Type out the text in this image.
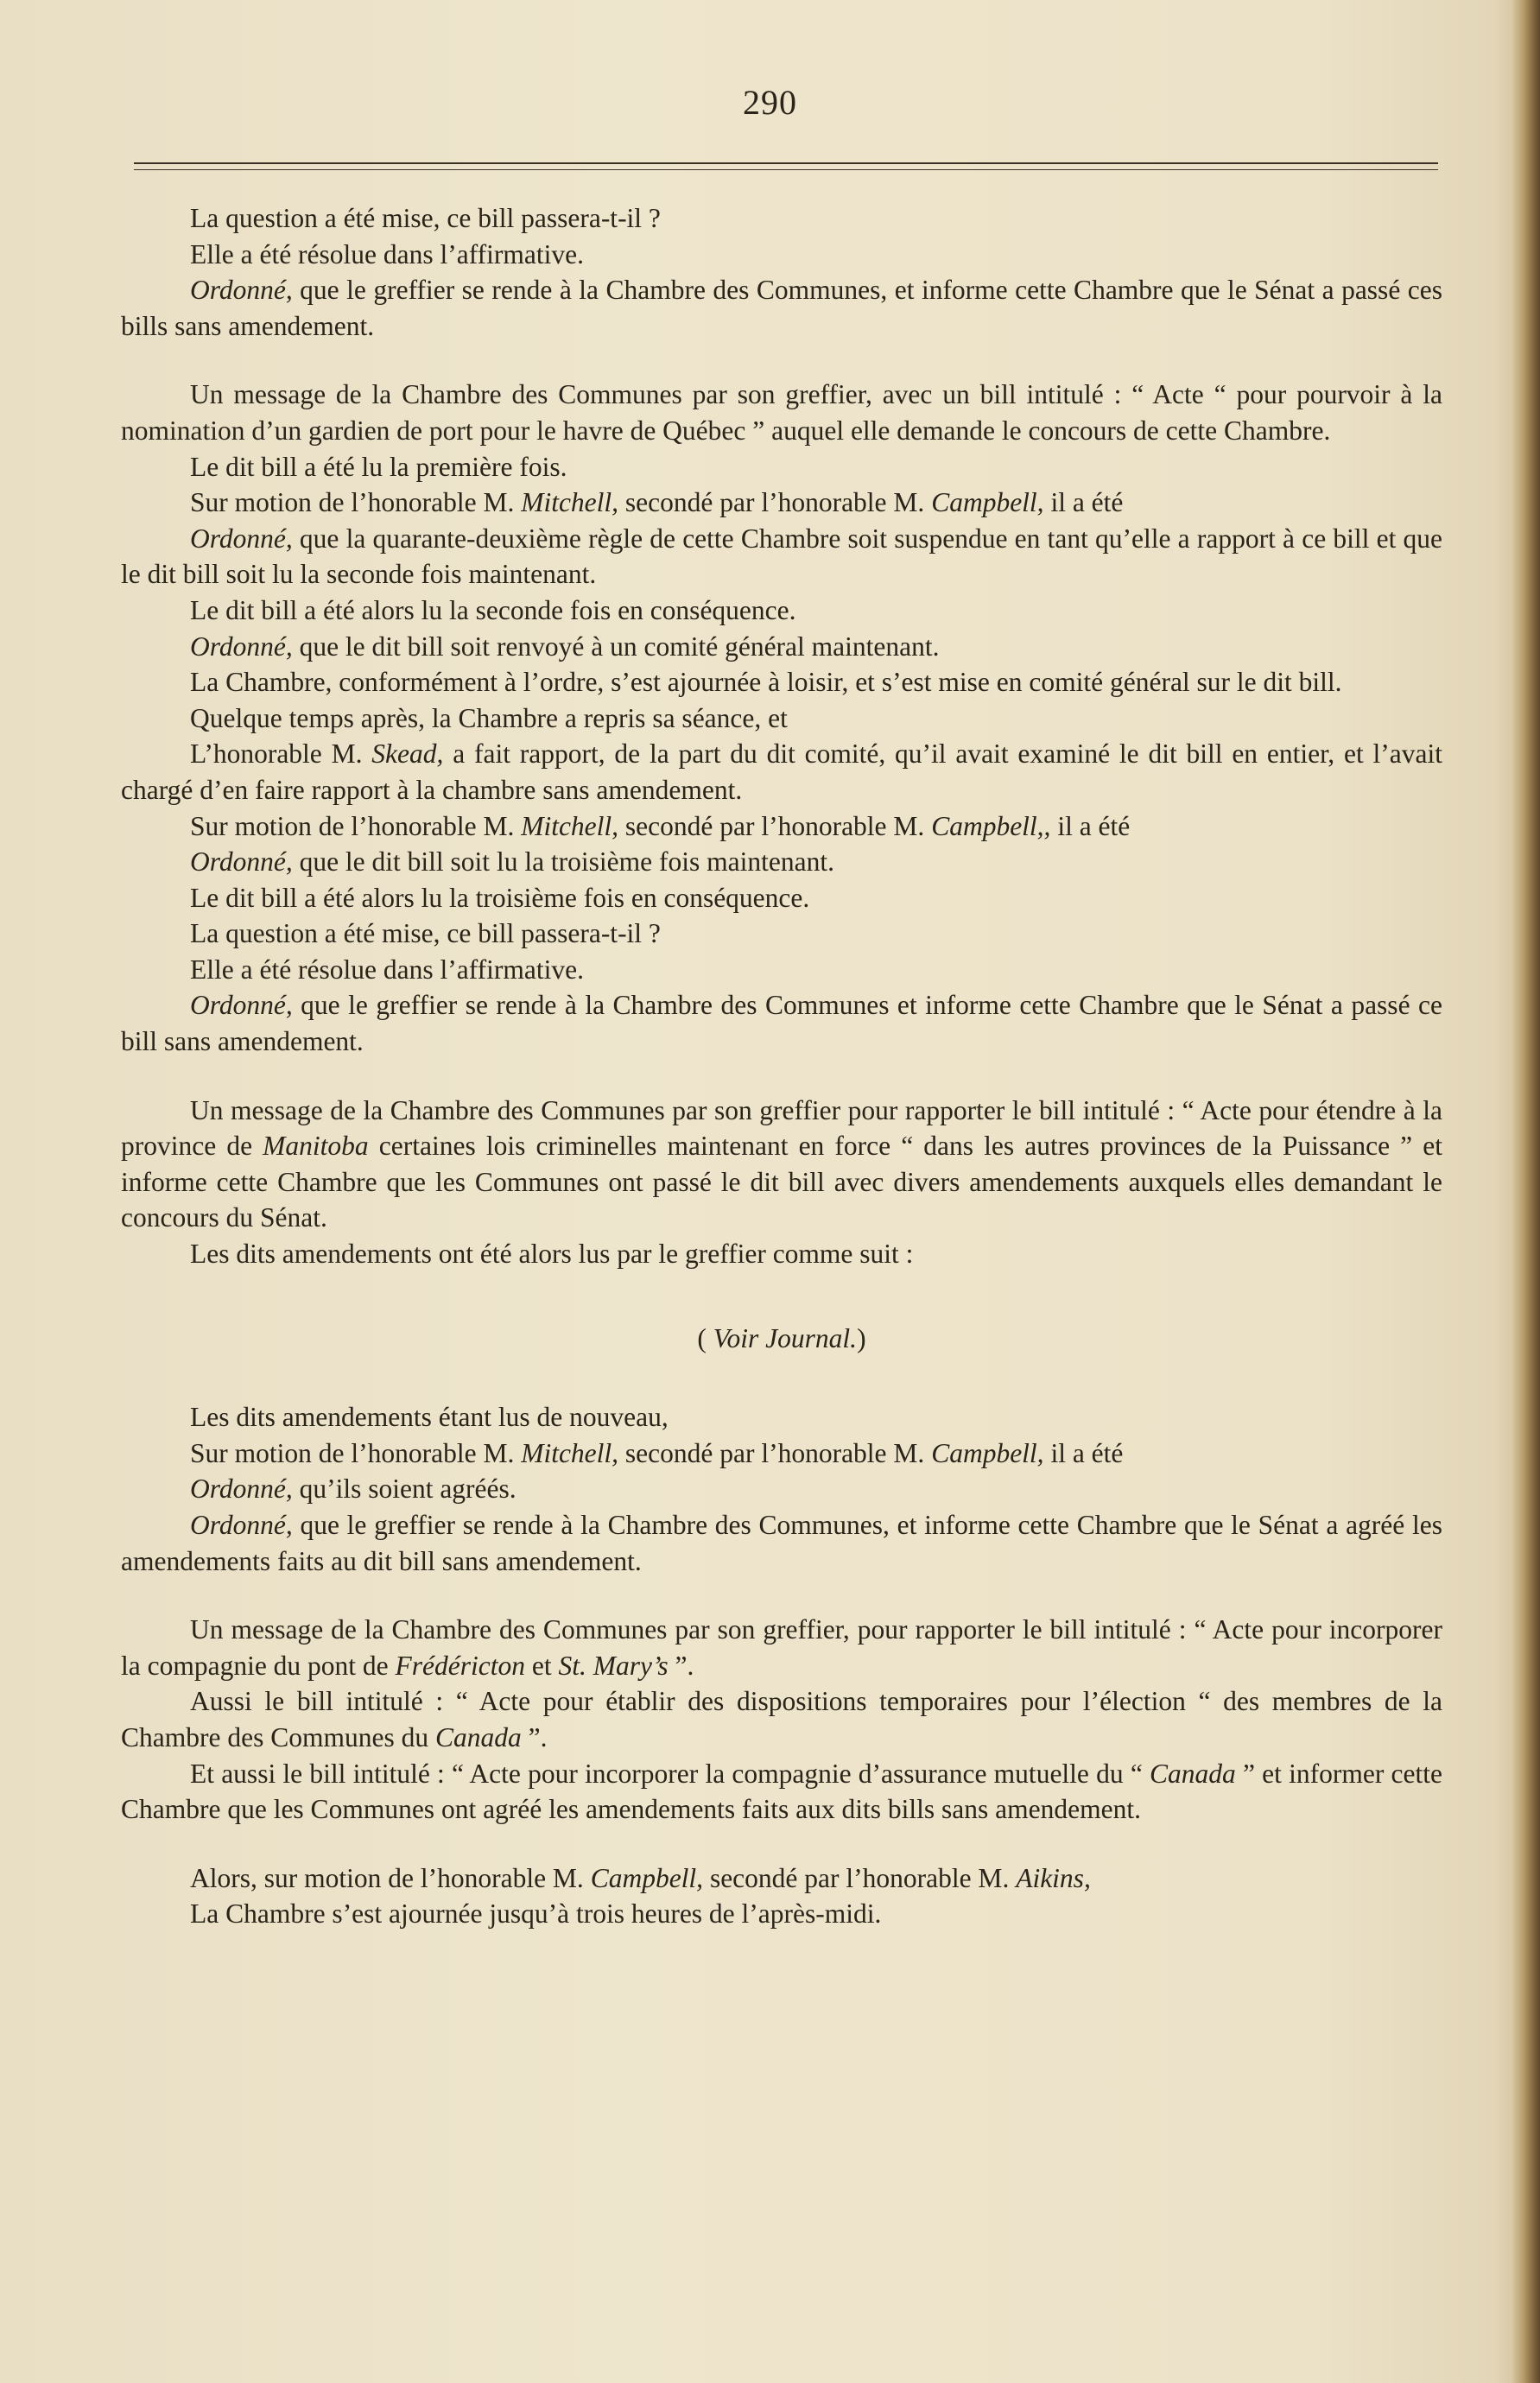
290

La question a été mise, ce bill passera-t-il ?

Elle a été résolue dans l’affirmative.

Ordonné, que le greffier se rende à la Chambre des Communes, et informe cette Chambre que le Sénat a passé ces bills sans amendement.

Un message de la Chambre des Communes par son greffier, avec un bill intitulé : “ Acte “ pour pourvoir à la nomination d’un gardien de port pour le havre de Québec ” auquel elle demande le concours de cette Chambre.

Le dit bill a été lu la première fois.

Sur motion de l’honorable M. Mitchell, secondé par l’honorable M. Campbell, il a été

Ordonné, que la quarante-deuxième règle de cette Chambre soit suspendue en tant qu’elle a rapport à ce bill et que le dit bill soit lu la seconde fois maintenant.

Le dit bill a été alors lu la seconde fois en conséquence.

Ordonné, que le dit bill soit renvoyé à un comité général maintenant.

La Chambre, conformément à l’ordre, s’est ajournée à loisir, et s’est mise en comité général sur le dit bill.

Quelque temps après, la Chambre a repris sa séance, et

L’honorable M. Skead, a fait rapport, de la part du dit comité, qu’il avait examiné le dit bill en entier, et l’avait chargé d’en faire rapport à la chambre sans amendement.

Sur motion de l’honorable M. Mitchell, secondé par l’honorable M. Campbell,, il a été

Ordonné, que le dit bill soit lu la troisième fois maintenant.

Le dit bill a été alors lu la troisième fois en conséquence.

La question a été mise, ce bill passera-t-il ?

Elle a été résolue dans l’affirmative.

Ordonné, que le greffier se rende à la Chambre des Communes et informe cette Chambre que le Sénat a passé ce bill sans amendement.

Un message de la Chambre des Communes par son greffier pour rapporter le bill intitulé : “ Acte pour étendre à la province de Manitoba certaines lois criminelles maintenant en force “ dans les autres provinces de la Puissance ” et informe cette Chambre que les Communes ont passé le dit bill avec divers amendements auxquels elles demandant le concours du Sénat.

Les dits amendements ont été alors lus par le greffier comme suit :

( Voir Journal.)

Les dits amendements étant lus de nouveau,

Sur motion de l’honorable M. Mitchell, secondé par l’honorable M. Campbell, il a été

Ordonné, qu’ils soient agréés.

Ordonné, que le greffier se rende à la Chambre des Communes, et informe cette Chambre que le Sénat a agréé les amendements faits au dit bill sans amendement.

Un message de la Chambre des Communes par son greffier, pour rapporter le bill intitulé : “ Acte pour incorporer la compagnie du pont de Frédéricton et St. Mary’s ”.

Aussi le bill intitulé : “ Acte pour établir des dispositions temporaires pour l’élection “ des membres de la Chambre des Communes du Canada ”.

Et aussi le bill intitulé : “ Acte pour incorporer la compagnie d’assurance mutuelle du “ Canada ” et informer cette Chambre que les Communes ont agréé les amendements faits aux dits bills sans amendement.

Alors, sur motion de l’honorable M. Campbell, secondé par l’honorable M. Aikins,

La Chambre s’est ajournée jusqu’à trois heures de l’après-midi.
